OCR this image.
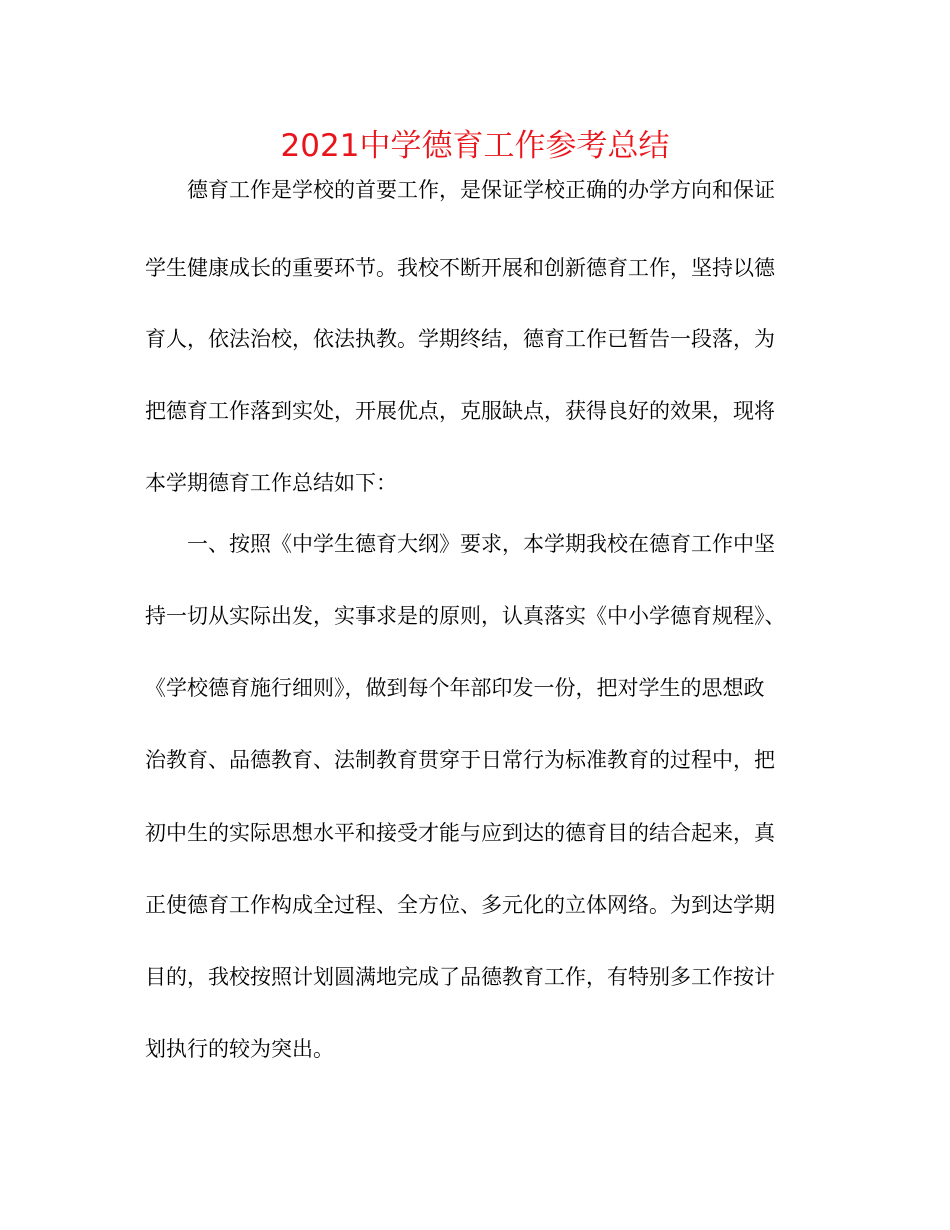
2021中学德育工作参考总结

德育工作是学校的首要工作，是保证学校正确的办学方向和保证

学生健康成长的重要环节。我校不断开展和创新德育工作，坚持以德

育人，依法治校，依法执教。学期终结，德育工作已暂告一段落，为

把德育工作落到实处，开展优点，克服缺点，获得良好的效果，现将

本学期德育工作总结如下：

一、按照《中学生德育大纲》要求，本学期我校在德育工作中坚

持一切从实际出发，实事求是的原则，认真落实《中小学德育规程》、

《学校德育施行细则》，做到每个年部印发一份，把对学生的思想政

治教育、品德教育、法制教育贯穿于日常行为标准教育的过程中，把

初中生的实际思想水平和接受才能与应到达的德育目的结合起来，真

正使德育工作构成全过程、全方位、多元化的立体网络。为到达学期

目的，我校按照计划圆满地完成了品德教育工作，有特别多工作按计

划执行的较为突出。
